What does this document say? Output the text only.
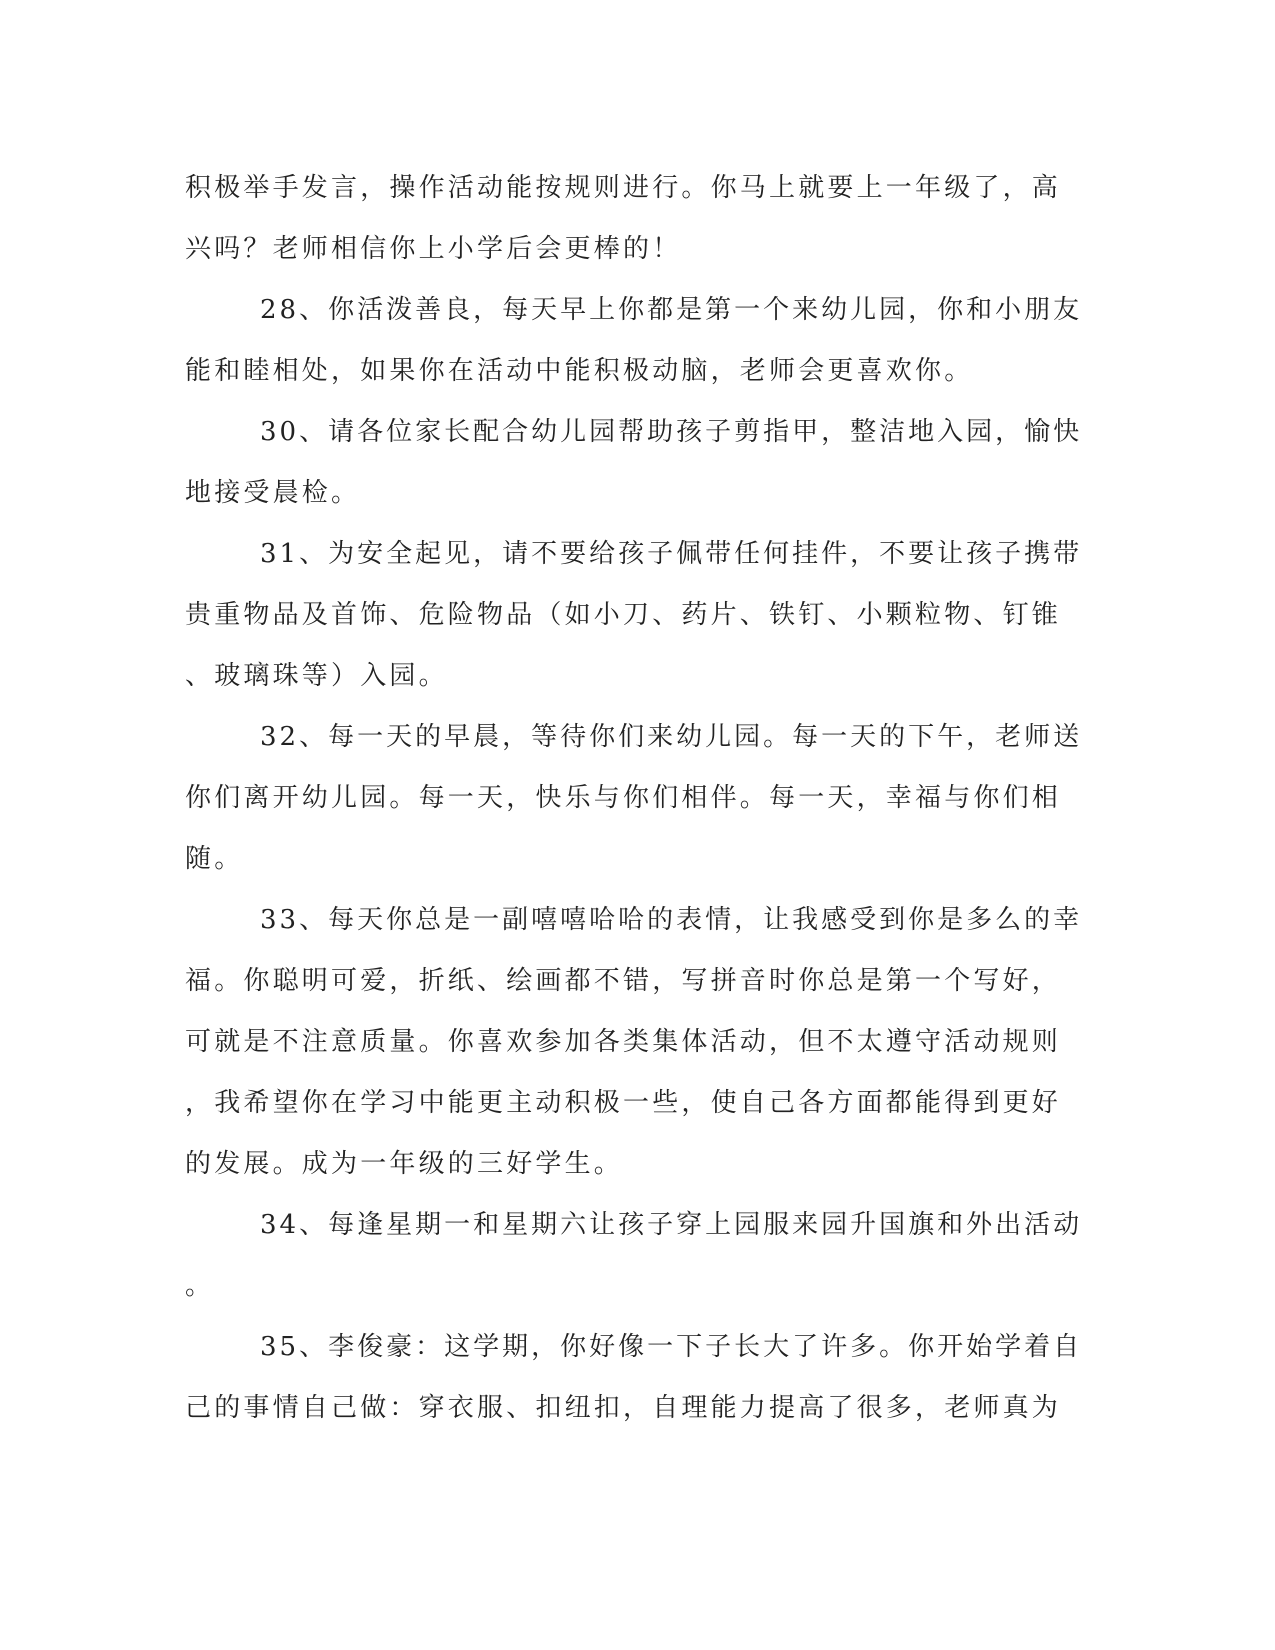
积极举手发言，操作活动能按规则进行。你马上就要上一年级了，高
兴吗？老师相信你上小学后会更棒的！
28、你活泼善良，每天早上你都是第一个来幼儿园，你和小朋友
能和睦相处，如果你在活动中能积极动脑，老师会更喜欢你。
30、请各位家长配合幼儿园帮助孩子剪指甲，整洁地入园，愉快
地接受晨检。
31、为安全起见，请不要给孩子佩带任何挂件，不要让孩子携带
贵重物品及首饰、危险物品（如小刀、药片、铁钉、小颗粒物、钉锥
、玻璃珠等）入园。
32、每一天的早晨，等待你们来幼儿园。每一天的下午，老师送
你们离开幼儿园。每一天，快乐与你们相伴。每一天，幸福与你们相
随。
33、每天你总是一副嘻嘻哈哈的表情，让我感受到你是多么的幸
福。你聪明可爱，折纸、绘画都不错，写拼音时你总是第一个写好，
可就是不注意质量。你喜欢参加各类集体活动，但不太遵守活动规则
，我希望你在学习中能更主动积极一些，使自己各方面都能得到更好
的发展。成为一年级的三好学生。
34、每逢星期一和星期六让孩子穿上园服来园升国旗和外出活动
。
35、李俊豪：这学期，你好像一下子长大了许多。你开始学着自
己的事情自己做：穿衣服、扣纽扣，自理能力提高了很多，老师真为
